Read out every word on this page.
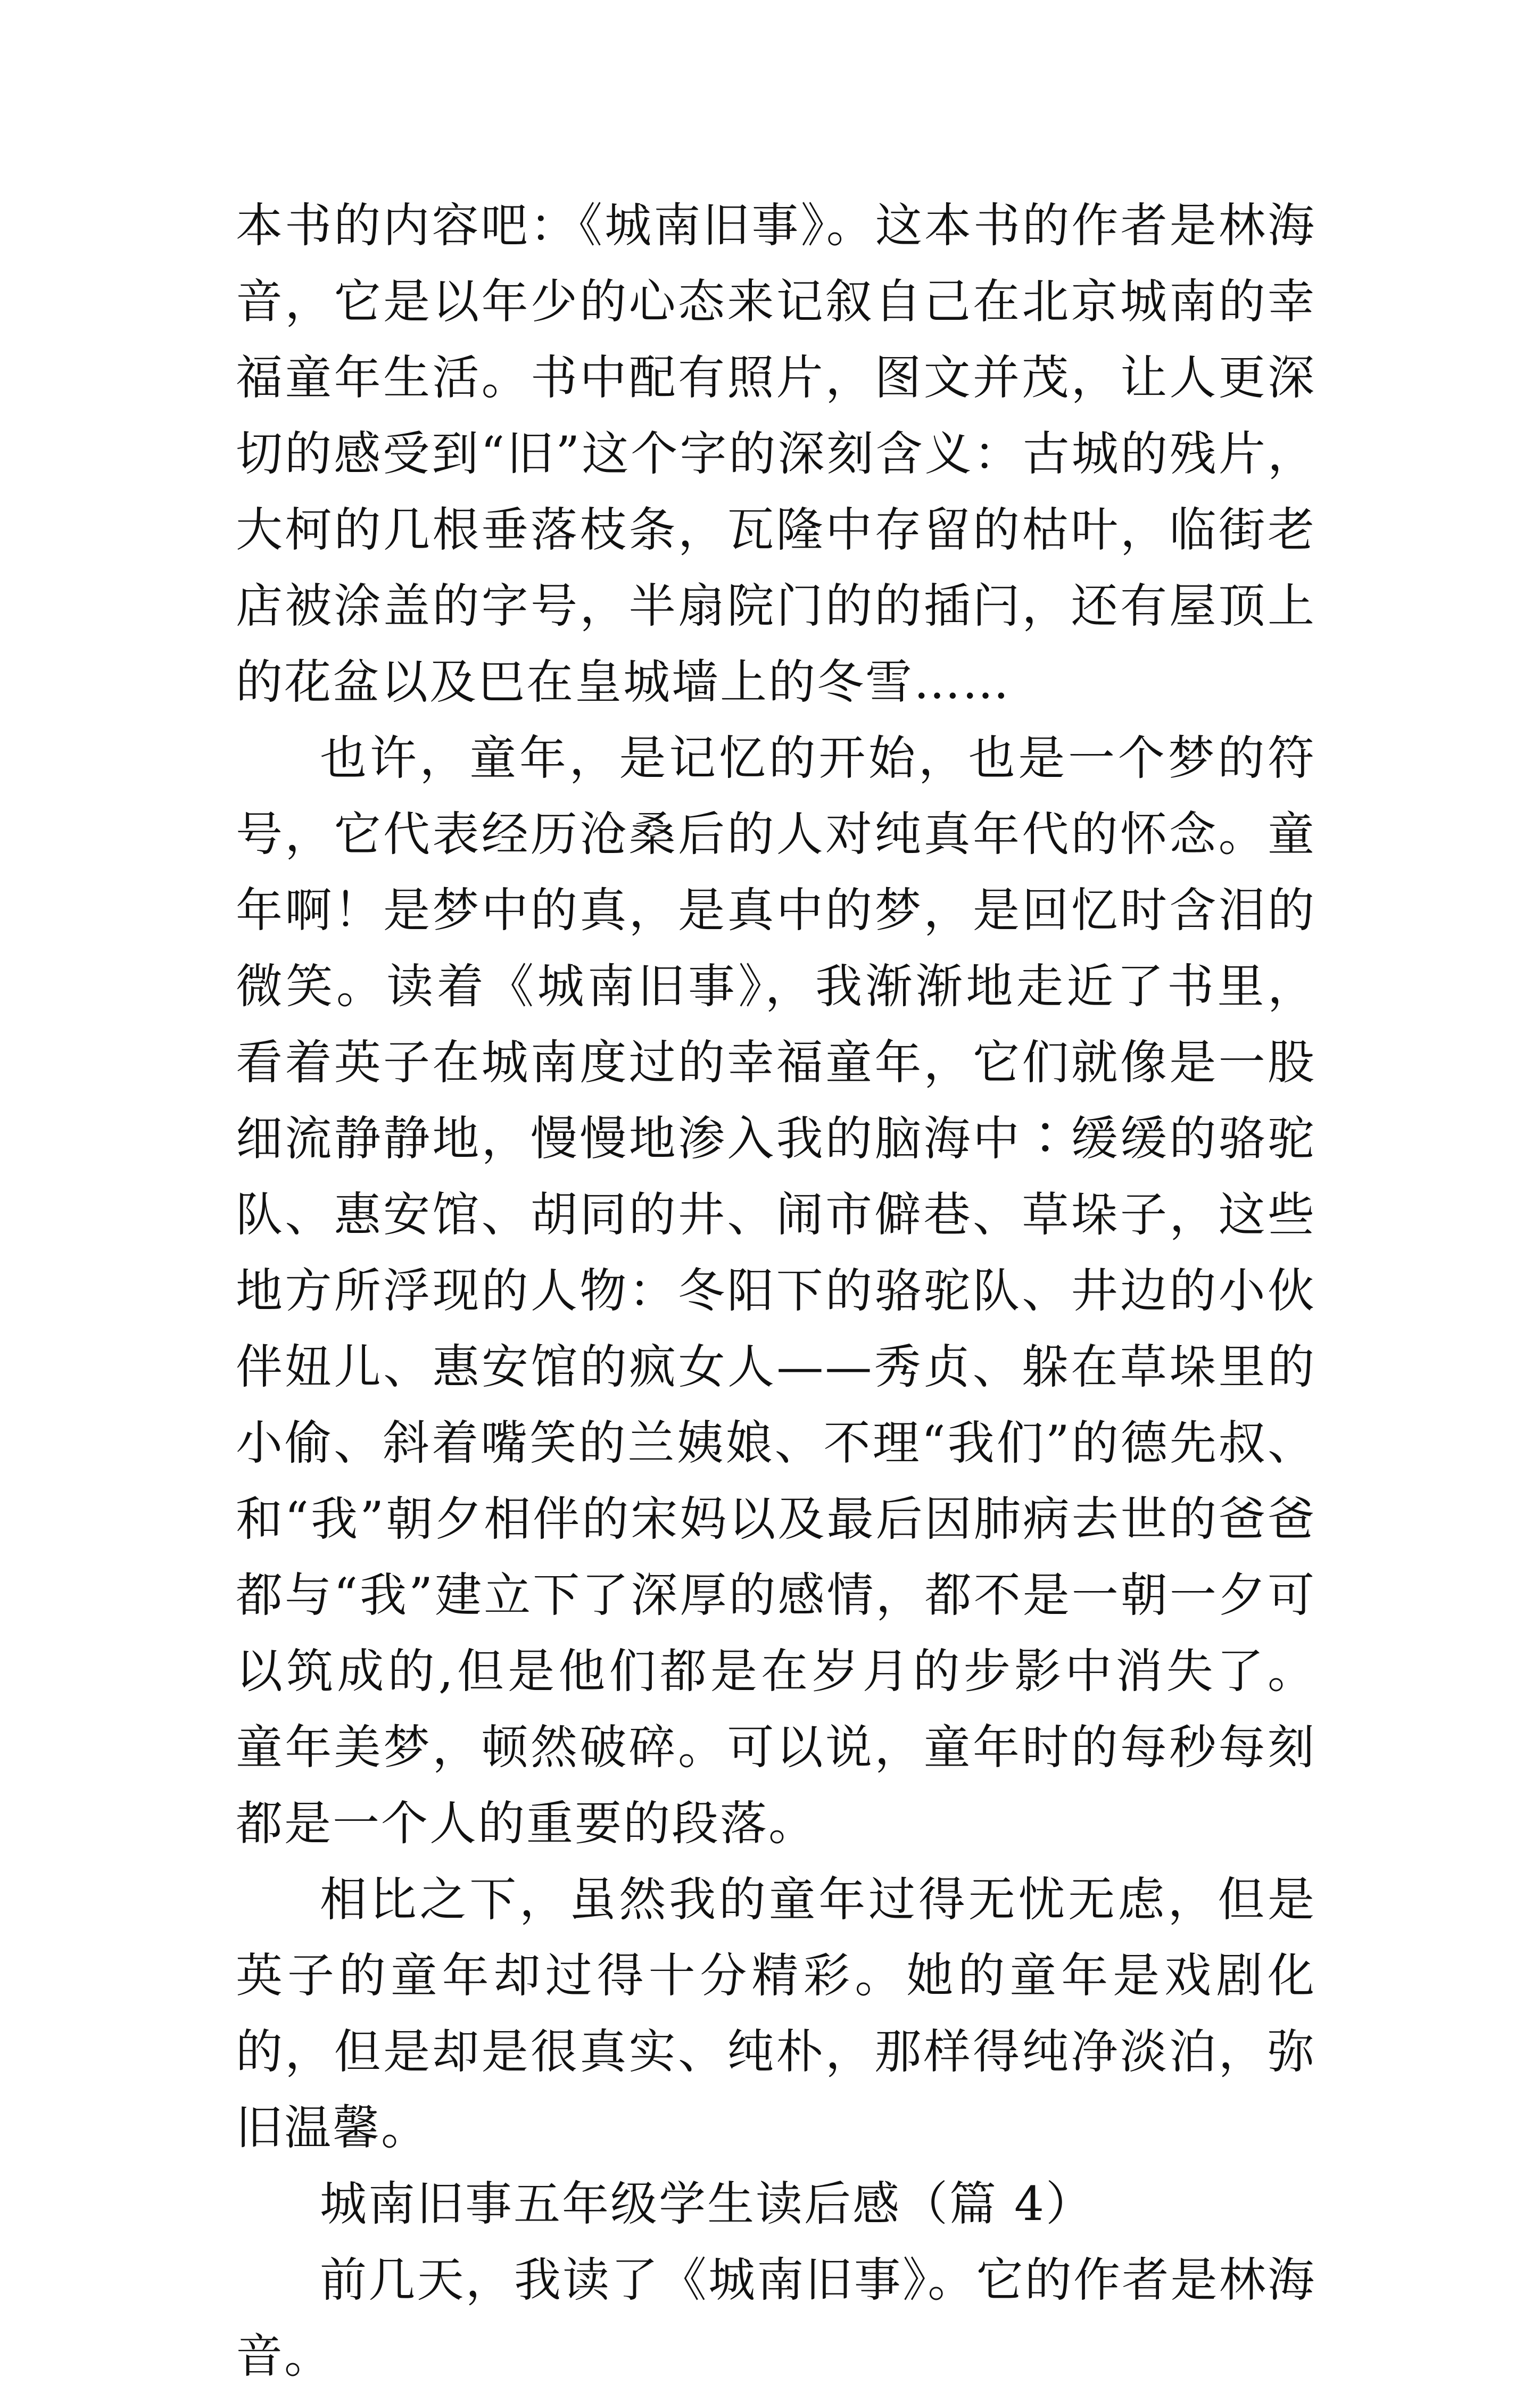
本书的内容吧：《城南旧事》。这本书的作者是林海音，它是以年少的心态来记叙自己在北京城南的幸福童年生活。书中配有照片，图文并茂，让人更深切的感受到“旧”这个字的深刻含义：古城的残片，大柯的几根垂落枝条，瓦隆中存留的枯叶，临街老店被涂盖的字号，半扇院门的的插闩，还有屋顶上的花盆以及巴在皇城墙上的冬雪……

也许，童年，是记忆的开始，也是一个梦的符号，它代表经历沧桑后的人对纯真年代的怀念。童年啊！是梦中的真，是真中的梦，是回忆时含泪的微笑。读着《城南旧事》，我渐渐地走近了书里，看着英子在城南度过的幸福童年，它们就像是一股细流静静地，慢慢地渗入我的脑海中∶缓缓的骆驼队、惠安馆、胡同的井、闹市僻巷、草垛子，这些地方所浮现的人物：冬阳下的骆驼队、井边的小伙伴妞儿、惠安馆的疯女人——秀贞、躲在草垛里的小偷、斜着嘴笑的兰姨娘、不理“我们”的德先叔、和“我”朝夕相伴的宋妈以及最后因肺病去世的爸爸都与“我”建立下了深厚的感情，都不是一朝一夕可以筑成的,但是他们都是在岁月的步影中消失了。童年美梦，顿然破碎。可以说，童年时的每秒每刻都是一个人的重要的段落。

相比之下，虽然我的童年过得无忧无虑，但是英子的童年却过得十分精彩。她的童年是戏剧化的，但是却是很真实、纯朴，那样得纯净淡泊，弥旧温馨。

城南旧事五年级学生读后感（篇 4）

前几天，我读了《城南旧事》。它的作者是林海音。
